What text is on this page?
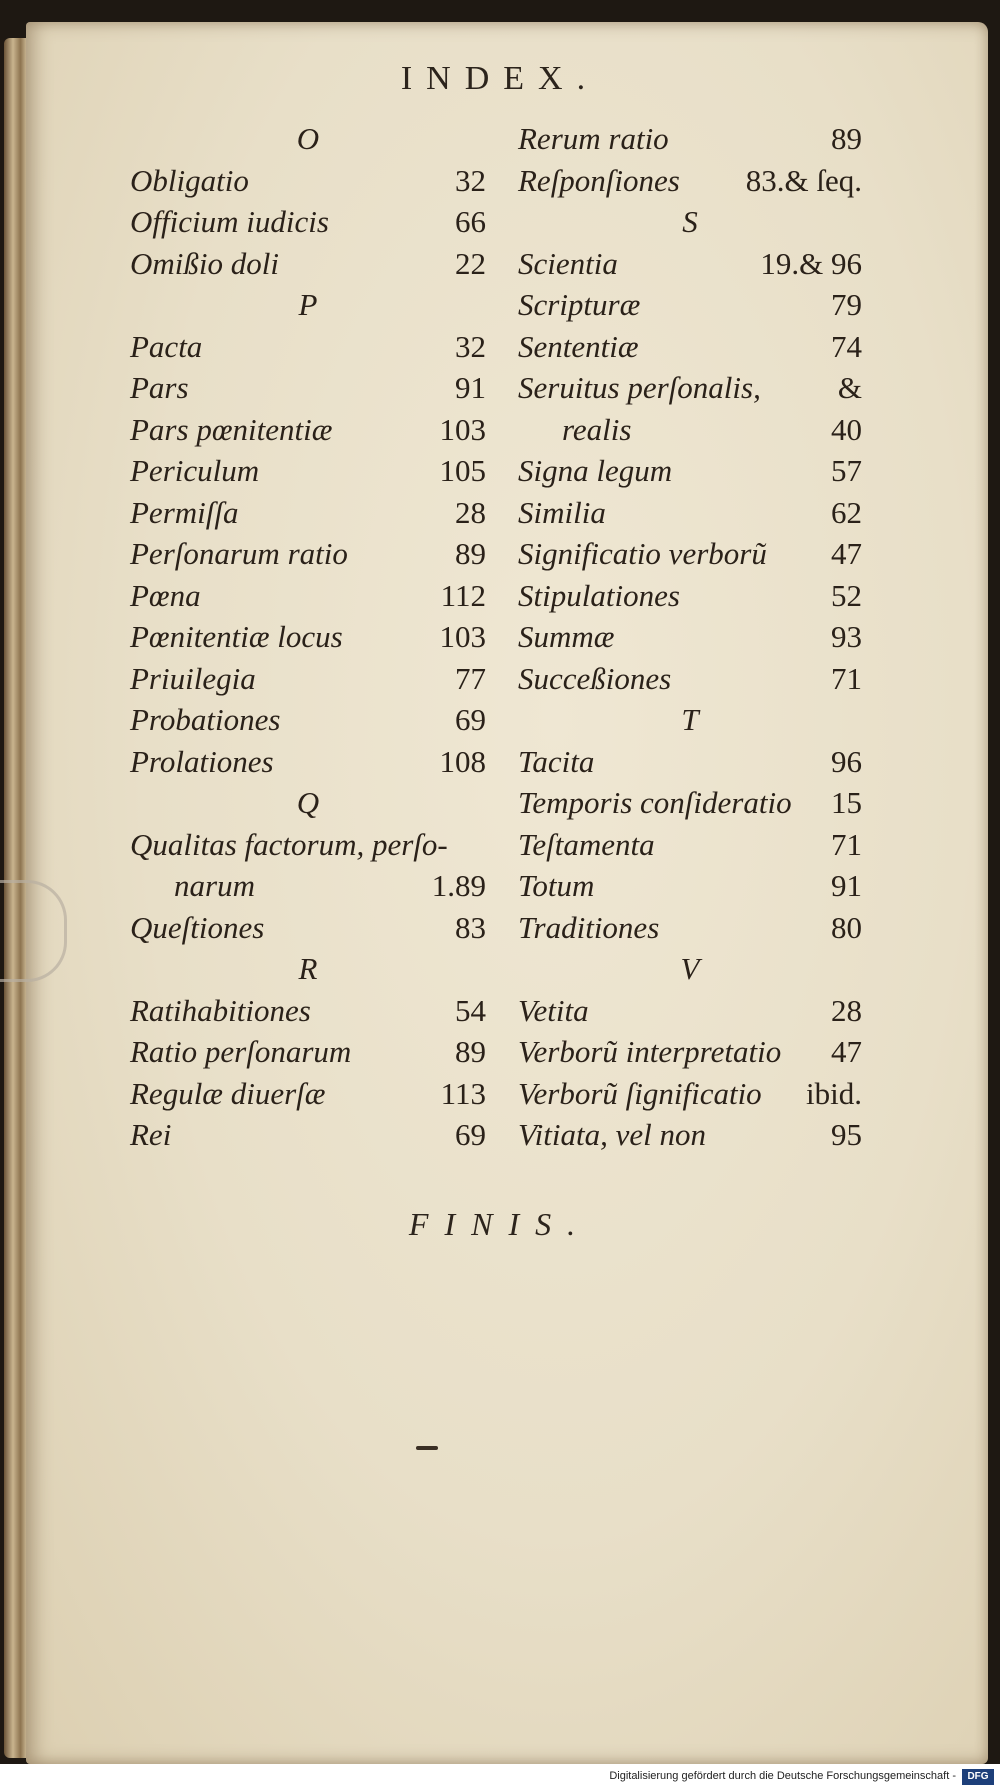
INDEX.
O
Obligatio	32
Officium iudicis	66
Omißio doli	22
P
Pacta	32
Pars	91
Pars pœnitentiæ	103
Periculum	105
Permiſſa	28
Perſonarum ratio	89
Pœna	112
Pœnitentiæ locus	103
Priuilegia	77
Probationes	69
Prolationes	108
Q
Qualitas factorum, perſo-
narum	1.89
Queſtiones	83
R
Ratihabitiones	54
Ratio perſonarum	89
Regulæ diuerſæ	113
Rei	69
Rerum ratio	89
Reſponſiones 83.& ſeq.
S
Scientia	19.& 96
Scripturæ	79
Sententiæ	74
Seruitus perſonalis, &
realis	40
Signa legum	57
Similia	62
Significatio verborũ 47
Stipulationes	52
Summæ	93
Succeßiones	71
T
Tacita	96
Temporis conſideratio 15
Teſtamenta	71
Totum	91
Traditiones	80
V
Vetita	28
Verborũ interpretatio 47
Verborũ ſignificatio ibid.
Vitiata, vel non	95
FINIS.
Digitalisierung gefördert durch die Deutsche Forschungsgemeinschaft -	DFG
